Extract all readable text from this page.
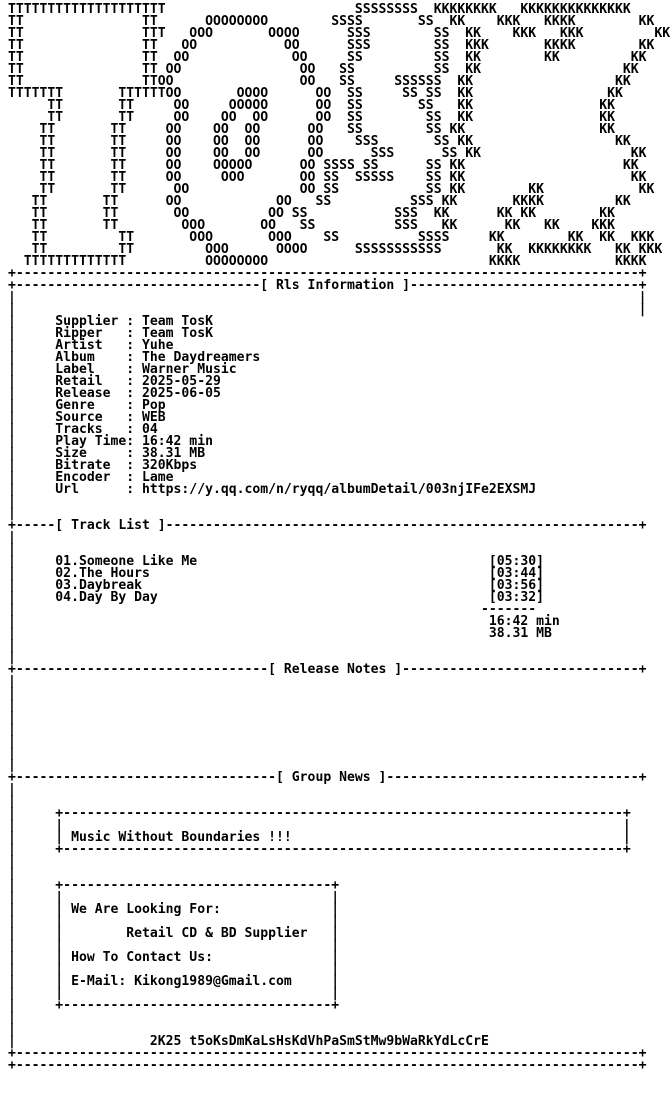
TTTTTTTTTTTTTTTTTTTT                        SSSSSSSS  KKKKKKKK   KKKKKKKKKKKKKK
TT               TT      OOOOOOOO        SSSS       SS  KK    KKK   KKKK        KK
TT               TTT   OOO       OOOO      SSS        SS  KK    KKK   KKK         KK
TT               TT   OO           OO      SSS        SS  KKK       KKKK        KK
TT               TT  OO             OO     SS         SS  KK        KK         KK
TT               TT OO               OO   SS          SS  KK                  KK
TT               TTOO                OO   SS     SSSSSS  KK                  KK
TTTTTTT       TTTTTTOO       OOOO      OO  SS     SS SS  KK                 KK
TT       TT     OO     OOOOO      OO  SS       SS   KK                KK
TT       TT     OO    OO  OO      OO  SS        SS  KK                KK
TT       TT     OO    OO  OO      OO   SS        SS KK                 KK
TT       TT     OO    OO  OO      OO    SSS       SS KK                  KK
TT       TT     OO    OO  OO      OO      SSS      SS KK                   KK
TT       TT     OO    OOOOO      OO SSSS SS      SS KK                    KK
TT       TT     OO     OOO       OO SS  SSSSS    SS KK                     KK
TT       TT      OO              OO SS           SS KK        KK            KK
TT       TT      OO            OO   SS          SSS KK       KKKK         KK
TT       TT       OO          OO SS           SSS  KK      KK KK        KK
TT       TT        OOO       OO   SS          SSS   KK      KK   KK    KKK
TT         TT       OOO       OOO    SS          SSSS     KK        KK  KK  KKK
TT         TT         OOO      OOOO      SSSSSSSSSSS       KK  KKKKKKKK   KK KKK
TTTTTTTTTTTTT          OOOOOOOO                            KKKK            KKKK
+-------------------------------------------------------------------------------+
+-------------------------------[ Rls Information ]-----------------------------+
|                                                                               |
|                                                                               |
|     Supplier : Team TosK
|     Ripper   : Team TosK
|     Artist   : Yuhe
|     Album    : The Daydreamers
|     Label    : Warner Music
|     Retail   : 2025-05-29
|     Release  : 2025-06-05
|     Genre    : Pop
|     Source   : WEB
|     Tracks   : 04
|     Play Time: 16:42 min
|     Size     : 38.31 MB
|     Bitrate  : 320Kbps
|     Encoder  : Lame
|     Url      : https://y.qq.com/n/ryqq/albumDetail/003njIFe2EXSMJ
|
|
+-----[ Track List ]------------------------------------------------------------+
|
|
|     01.Someone Like Me                                     [05:30]
|     02.The Hours                                           [03:44]
|     03.Daybreak                                            [03:56]
|     04.Day By Day                                          [03:32]
|                                                           -------
|                                                            16:42 min
|                                                            38.31 MB
|
|
+--------------------------------[ Release Notes ]------------------------------+
|
|
|
|
|
|
|
|
+---------------------------------[ Group News ]--------------------------------+
|
|
|     +-----------------------------------------------------------------------+
|     |                                                                       |
|     | Music Without Boundaries !!!                                          |
|     +-----------------------------------------------------------------------+
|
|
|     +----------------------------------+
|     |                                  |
|     | We Are Looking For:              |
|     |                                  |
|     |        Retail CD & BD Supplier   |
|     |                                  |
|     | How To Contact Us:               |
|     |                                  |
|     | E-Mail: Kikong1989@Gmail.com     |
|     |                                  |
|     +----------------------------------+
|
|
|                 2K25 t5oKsDmKaLsHsKdVhPaSmStMw9bWaRkYdLcCrE
+-------------------------------------------------------------------------------+
+-------------------------------------------------------------------------------+
